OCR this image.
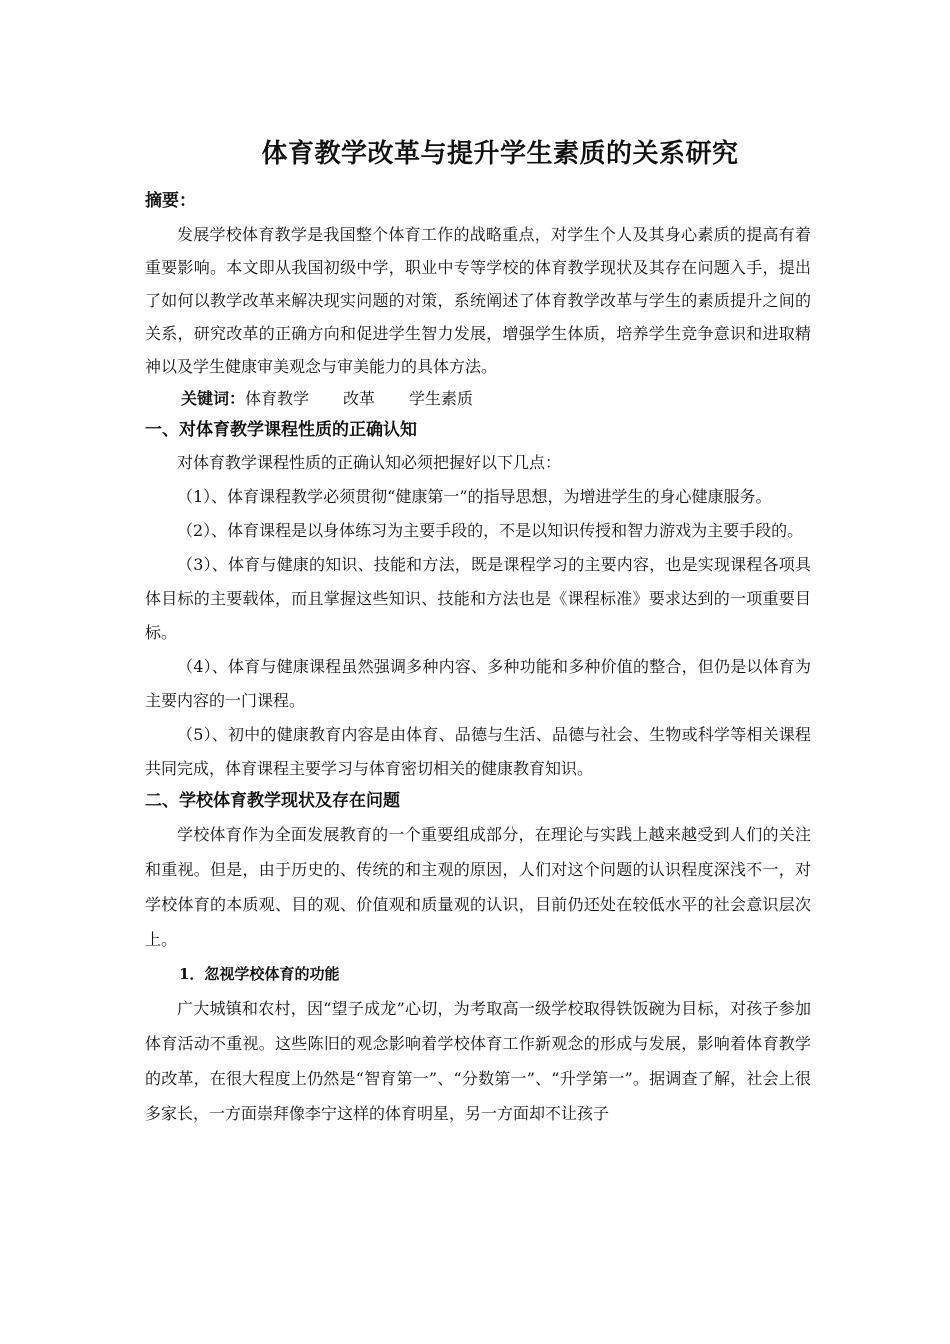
体育教学改革与提升学生素质的关系研究
摘要：

发展学校体育教学是我国整个体育工作的战略重点，对学生个人及其身心素质的提高有着重要影响。本文即从我国初级中学，职业中专等学校的体育教学现状及其存在问题入手，提出了如何以教学改革来解决现实问题的对策，系统阐述了体育教学改革与学生的素质提升之间的关系，研究改革的正确方向和促进学生智力发展，增强学生体质，培养学生竞争意识和进取精神以及学生健康审美观念与审美能力的具体方法。

关键词：体育教学 改革 学生素质
一、对体育教学课程性质的正确认知

对体育教学课程性质的正确认知必须把握好以下几点：

（1）、体育课程教学必须贯彻“健康第一”的指导思想，为增进学生的身心健康服务。

（2）、体育课程是以身体练习为主要手段的，不是以知识传授和智力游戏为主要手段的。

（3）、体育与健康的知识、技能和方法，既是课程学习的主要内容，也是实现课程各项具体目标的主要载体，而且掌握这些知识、技能和方法也是《课程标准》要求达到的一项重要目标。

（4）、体育与健康课程虽然强调多种内容、多种功能和多种价值的整合，但仍是以体育为主要内容的一门课程。

（5）、初中的健康教育内容是由体育、品德与生活、品德与社会、生物或科学等相关课程共同完成，体育课程主要学习与体育密切相关的健康教育知识。

二、学校体育教学现状及存在问题

学校体育作为全面发展教育的一个重要组成部分，在理论与实践上越来越受到人们的关注和重视。但是，由于历史的、传统的和主观的原因，人们对这个问题的认识程度深浅不一，对学校体育的本质观、目的观、价值观和质量观的认识，目前仍还处在较低水平的社会意识层次上。

1．忽视学校体育的功能

广大城镇和农村，因“望子成龙”心切，为考取高一级学校取得铁饭碗为目标，对孩子参加体育活动不重视。这些陈旧的观念影响着学校体育工作新观念的形成与发展，影响着体育教学的改革，在很大程度上仍然是“智育第一”、“分数第一”、“升学第一”。据调查了解，社会上很多家长，一方面崇拜像李宁这样的体育明星，另一方面却不让孩子
